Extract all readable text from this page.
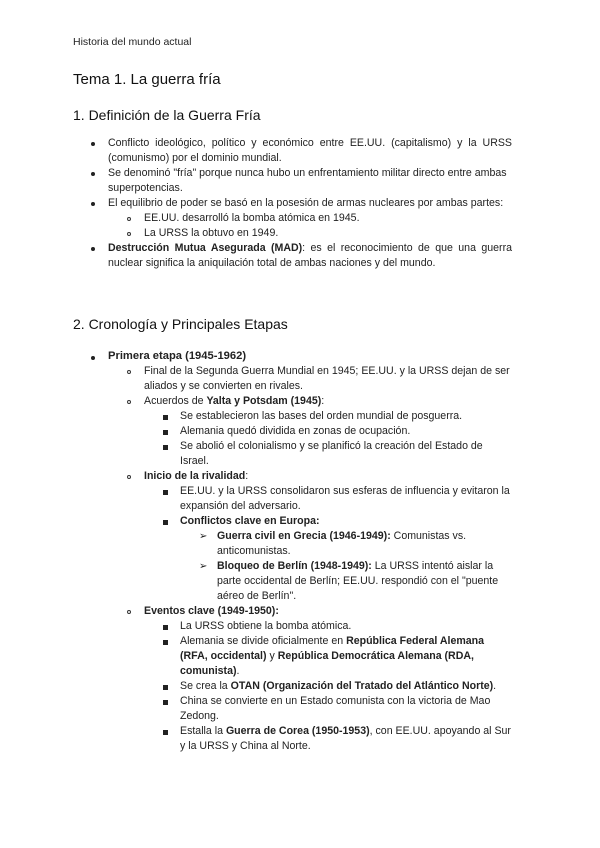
Historia del mundo actual
Tema 1. La guerra fría
1. Definición de la Guerra Fría
Conflicto ideológico, político y económico entre EE.UU. (capitalismo) y la URSS (comunismo) por el dominio mundial.
Se denominó "fría" porque nunca hubo un enfrentamiento militar directo entre ambas superpotencias.
El equilibrio de poder se basó en la posesión de armas nucleares por ambas partes:
EE.UU. desarrolló la bomba atómica en 1945.
La URSS la obtuvo en 1949.
Destrucción Mutua Asegurada (MAD): es el reconocimiento de que una guerra nuclear significa la aniquilación total de ambas naciones y del mundo.
2. Cronología y Principales Etapas
Primera etapa (1945-1962)
Final de la Segunda Guerra Mundial en 1945; EE.UU. y la URSS dejan de ser aliados y se convierten en rivales.
Acuerdos de Yalta y Potsdam (1945):
Se establecieron las bases del orden mundial de posguerra.
Alemania quedó dividida en zonas de ocupación.
Se abolió el colonialismo y se planificó la creación del Estado de Israel.
Inicio de la rivalidad:
EE.UU. y la URSS consolidaron sus esferas de influencia y evitaron la expansión del adversario.
Conflictos clave en Europa:
➢ Guerra civil en Grecia (1946-1949): Comunistas vs. anticomunistas.
➢ Bloqueo de Berlín (1948-1949): La URSS intentó aislar la parte occidental de Berlín; EE.UU. respondió con el "puente aéreo de Berlín".
Eventos clave (1949-1950):
La URSS obtiene la bomba atómica.
Alemania se divide oficialmente en República Federal Alemana (RFA, occidental) y República Democrática Alemana (RDA, comunista).
Se crea la OTAN (Organización del Tratado del Atlántico Norte).
China se convierte en un Estado comunista con la victoria de Mao Zedong.
Estalla la Guerra de Corea (1950-1953), con EE.UU. apoyando al Sur y la URSS y China al Norte.
